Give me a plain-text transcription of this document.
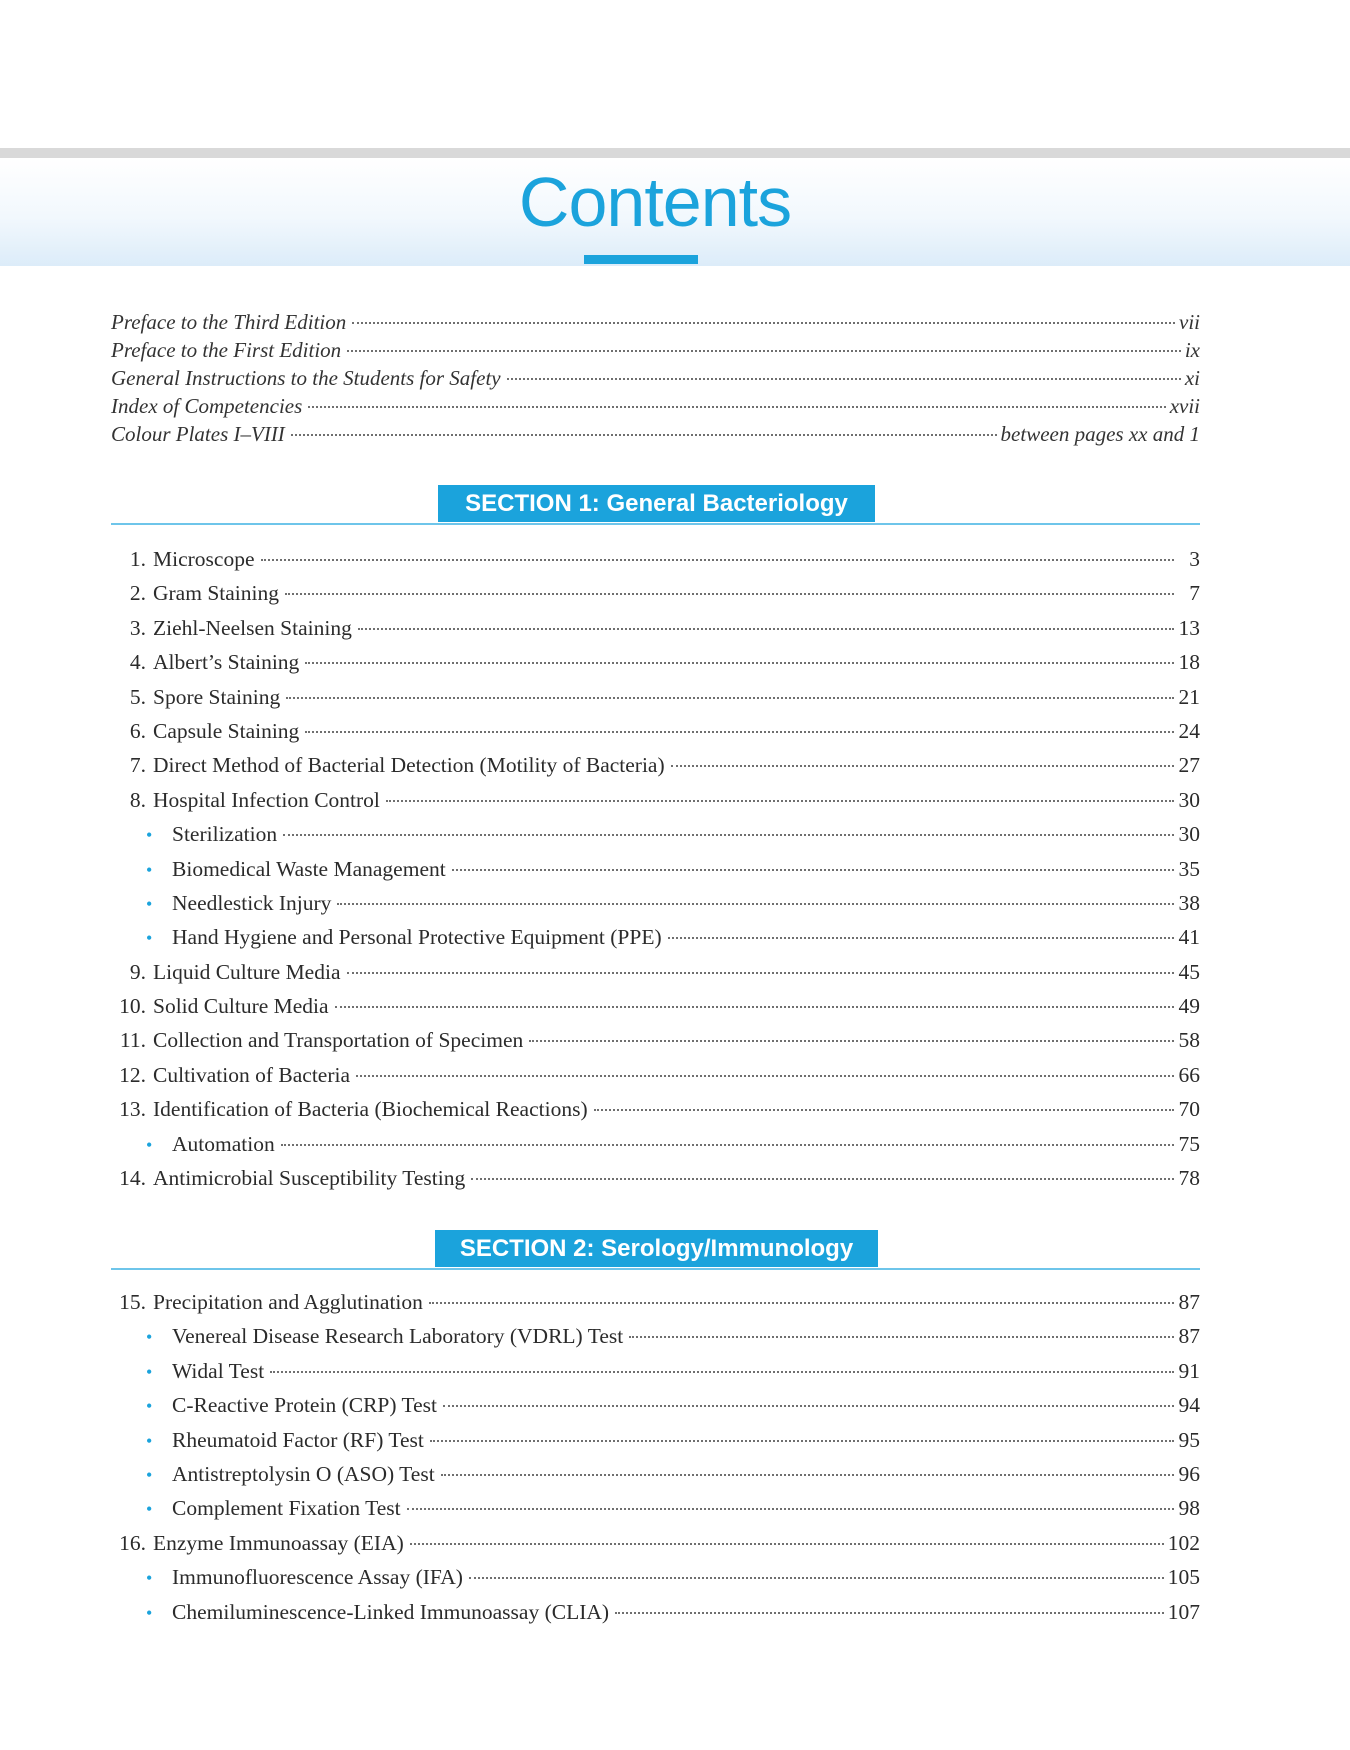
Contents
Preface to the Third Edition	vii
Preface to the First Edition	ix
General Instructions to the Students for Safety	xi
Index of Competencies	xvii
Colour Plates I–VIII	between pages xx and 1
SECTION 1: General Bacteriology
1. Microscope	3
2. Gram Staining	7
3. Ziehl-Neelsen Staining	13
4. Albert’s Staining	18
5. Spore Staining	21
6. Capsule Staining	24
7. Direct Method of Bacterial Detection (Motility of Bacteria)	27
8. Hospital Infection Control	30
• Sterilization	30
• Biomedical Waste Management	35
• Needlestick Injury	38
• Hand Hygiene and Personal Protective Equipment (PPE)	41
9. Liquid Culture Media	45
10. Solid Culture Media	49
11. Collection and Transportation of Specimen	58
12. Cultivation of Bacteria	66
13. Identification of Bacteria (Biochemical Reactions)	70
• Automation	75
14. Antimicrobial Susceptibility Testing	78
SECTION 2: Serology/Immunology
15. Precipitation and Agglutination	87
• Venereal Disease Research Laboratory (VDRL) Test	87
• Widal Test	91
• C-Reactive Protein (CRP) Test	94
• Rheumatoid Factor (RF) Test	95
• Antistreptolysin O (ASO) Test	96
• Complement Fixation Test	98
16. Enzyme Immunoassay (EIA)	102
• Immunofluorescence Assay (IFA)	105
• Chemiluminescence-Linked Immunoassay (CLIA)	107
